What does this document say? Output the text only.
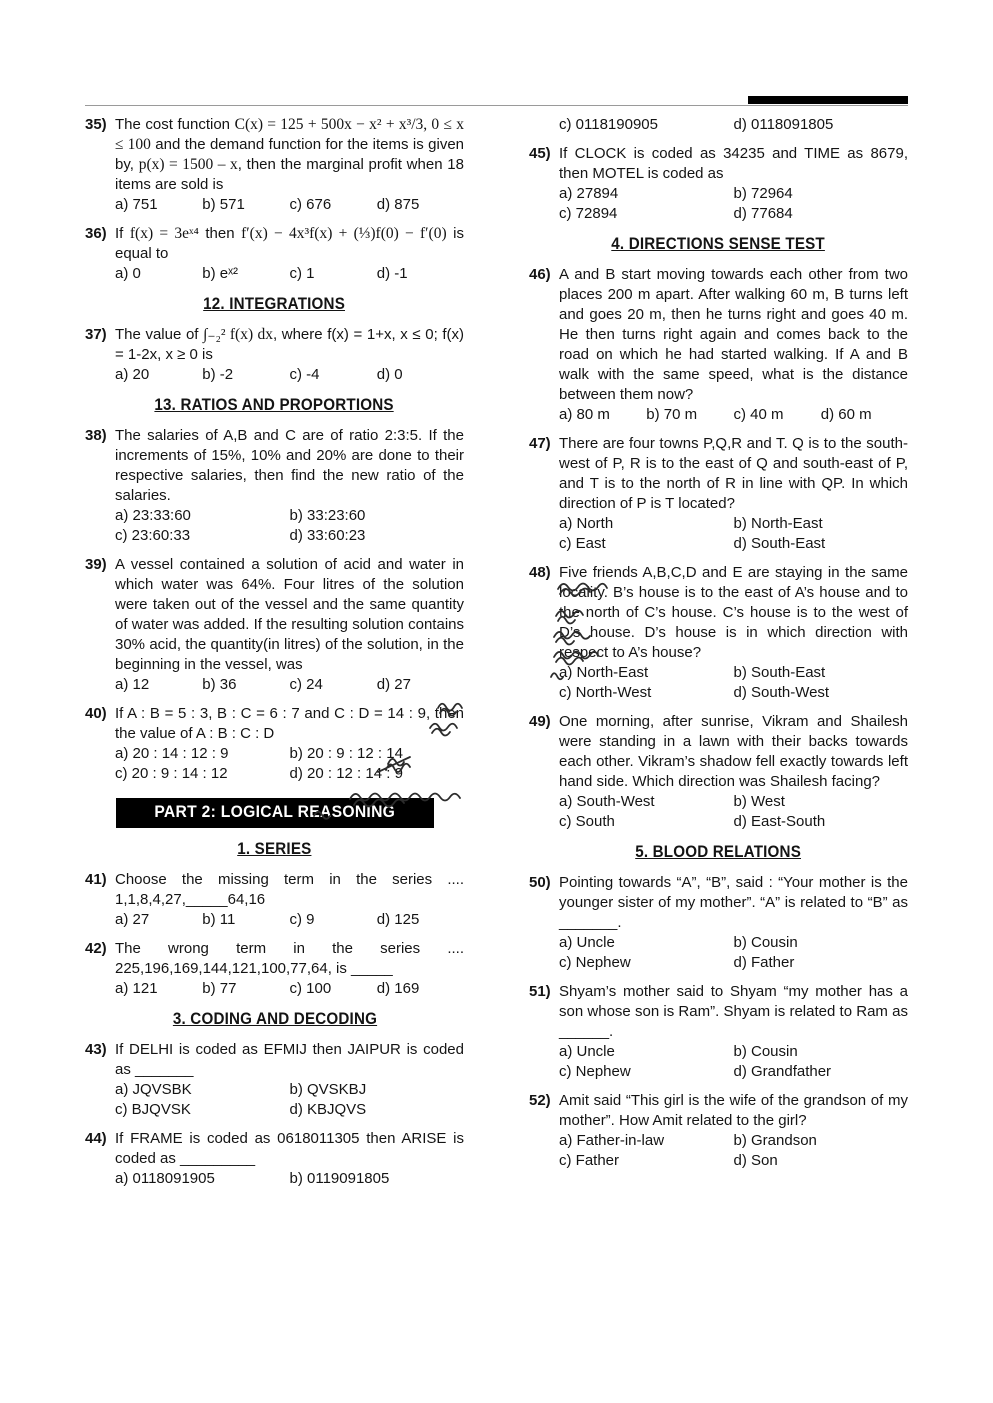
35) The cost function C(x) = 125 + 500x − x² + x³/3, 0 ≤ x ≤ 100 and the demand function for the items is given by, p(x) = 1500 – x, then the marginal profit when 18 items are sold is
a) 751	b) 571	c) 676	d) 875
36) If f(x) = 3eˣ⁴ then f′(x) − 4x³f(x) + (⅓)f(0) − f′(0) is equal to
a) 0	b) eˣ²	c) 1	d) -1
12. INTEGRATIONS
37) The value of ∫₋₂² f(x) dx, where f(x) = 1+x, x ≤ 0; f(x) = 1-2x, x ≥ 0 is
a) 20	b) -2	c) -4	d) 0
13. RATIOS AND PROPORTIONS
38) The salaries of A,B and C are of ratio 2:3:5. If the increments of 15%, 10% and 20% are done to their respective salaries, then find the new ratio of the salaries.
a) 23:33:60	b) 33:23:60
c) 23:60:33	d) 33:60:23
39) A vessel contained a solution of acid and water in which water was 64%. Four litres of the solution were taken out of the vessel and the same quantity of water was added. If the resulting solution contains 30% acid, the quantity(in litres) of the solution, in the beginning in the vessel, was
a) 12	b) 36	c) 24	d) 27
40) If A : B = 5 : 3, B : C = 6 : 7 and C : D = 14 : 9, then the value of A : B : C : D
a) 20 : 14 : 12 : 9	b) 20 : 9 : 12 : 14
c) 20 : 9 : 14 : 12	d) 20 : 12 : 14 : 9
PART 2: LOGICAL REASONING
1. SERIES
41) Choose the missing term in the series .... 1,1,8,4,27,_____64,16
a) 27	b) 11	c) 9	d) 125
42) The wrong term in the series .... 225,196,169,144,121,100,77,64, is _____
a) 121	b) 77	c) 100	d) 169
3. CODING AND DECODING
43) If DELHI is coded as EFMIJ then JAIPUR is coded as _______
a) JQVSBK	b) QVSKBJ
c) BJQVSK	d) KBJQVS
44) If FRAME is coded as 0618011305 then ARISE is coded as _________
a) 0118091905	b) 0119091805
c) 0118190905	d) 0118091805
45) If CLOCK is coded as 34235 and TIME as 8679, then MOTEL is coded as
a) 27894	b) 72964
c) 72894	d) 77684
4. DIRECTIONS SENSE TEST
46) A and B start moving towards each other from two places 200 m apart. After walking 60 m, B turns left and goes 20 m, then he turns right and goes 40 m. He then turns right again and comes back to the road on which he had started walking. If A and B walk with the same speed, what is the distance between them now?
a) 80 m	b) 70 m	c) 40 m	d) 60 m
47) There are four towns P,Q,R and T. Q is to the south-west of P, R is to the east of Q and south-east of P, and T is to the north of R in line with QP. In which direction of P is T located?
a) North	b) North-East
c) East	d) South-East
48) Five friends A,B,C,D and E are staying in the same locality. B’s house is to the east of A’s house and to the north of C’s house. C’s house is to the west of D’s house. D’s house is in which direction with respect to A’s house?
a) North-East	b) South-East
c) North-West	d) South-West
49) One morning, after sunrise, Vikram and Shailesh were standing in a lawn with their backs towards each other. Vikram’s shadow fell exactly towards left hand side. Which direction was Shailesh facing?
a) South-West	b) West
c) South	d) East-South
5. BLOOD RELATIONS
50) Pointing towards “A”, “B”, said : “Your mother is the younger sister of my mother”. “A” is related to “B” as _______.
a) Uncle	b) Cousin
c) Nephew	d) Father
51) Shyam’s mother said to Shyam “my mother has a son whose son is Ram”. Shyam is related to Ram as ______.
a) Uncle	b) Cousin
c) Nephew	d) Grandfather
52) Amit said “This girl is the wife of the grandson of my mother”. How Amit related to the girl?
a) Father-in-law	b) Grandson
c) Father	d) Son
